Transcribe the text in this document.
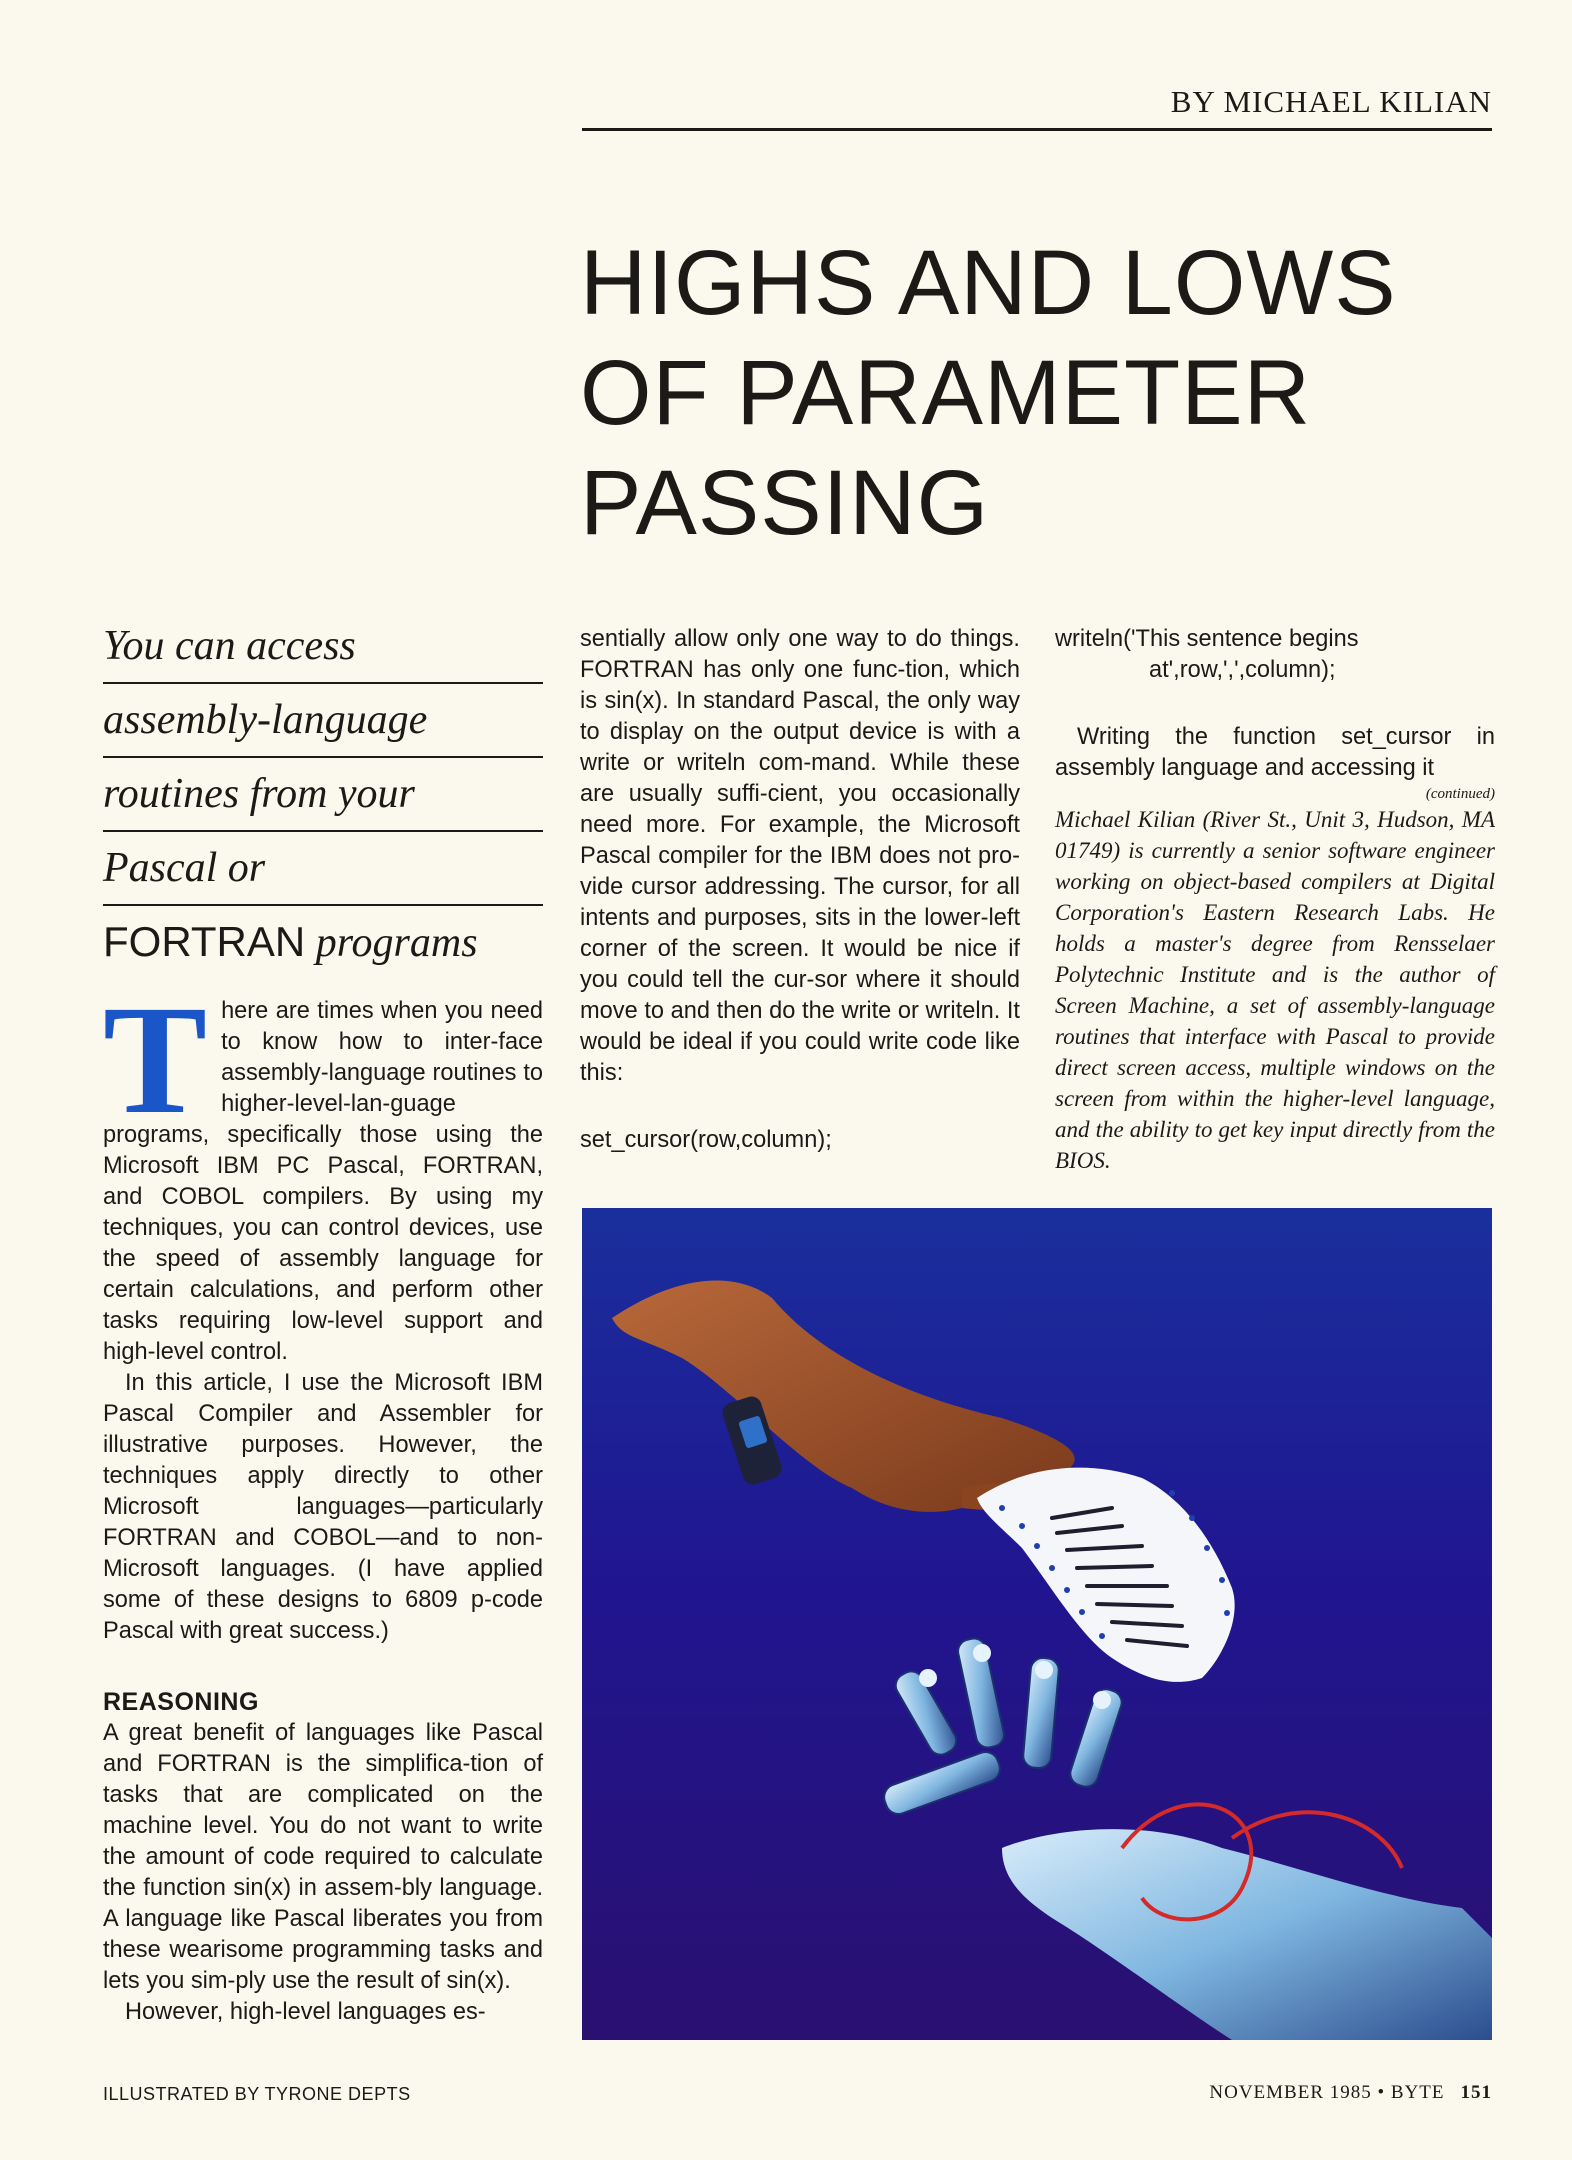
BY MICHAEL KILIAN
HIGHS AND LOWS
OF PARAMETER
PASSING
You can access
assembly-language
routines from your
Pascal or
FORTRAN programs

There are times when you need to know how to inter-face assembly-language routines to higher-level-lan-guage programs, specifically those using the Microsoft IBM PC Pascal, FORTRAN, and COBOL compilers. By using my techniques, you can control devices, use the speed of assembly language for certain calculations, and perform other tasks requiring low-level support and high-level control.

In this article, I use the Microsoft IBM Pascal Compiler and Assembler for illustrative purposes. However, the techniques apply directly to other Microsoft languages—particularly FORTRAN and COBOL—and to non-Microsoft languages. (I have applied some of these designs to 6809 p-code Pascal with great success.)

REASONING

A great benefit of languages like Pascal and FORTRAN is the simplifica-tion of tasks that are complicated on the machine level. You do not want to write the amount of code required to calculate the function sin(x) in assem-bly language. A language like Pascal liberates you from these wearisome programming tasks and lets you sim-ply use the result of sin(x).

However, high-level languages es-

sentially allow only one way to do things. FORTRAN has only one func-tion, which is sin(x). In standard Pascal, the only way to display on the output device is with a write or writeln com-mand. While these are usually suffi-cient, you occasionally need more. For example, the Microsoft Pascal compiler for the IBM does not pro-vide cursor addressing. The cursor, for all intents and purposes, sits in the lower-left corner of the screen. It would be nice if you could tell the cur-sor where it should move to and then do the write or writeln. It would be ideal if you could write code like this:

set_cursor(row,column);

writeln('This sentence begins
at',row,',',column);

Writing the function set_cursor in assembly language and accessing it

(continued)

Michael Kilian (River St., Unit 3, Hudson, MA 01749) is currently a senior software engineer working on object-based compilers at Digital Corporation's Eastern Research Labs. He holds a master's degree from Rensselaer Polytechnic Institute and is the author of Screen Machine, a set of assembly-language routines that interface with Pascal to provide direct screen access, multiple windows on the screen from within the higher-level language, and the ability to get key input directly from the BIOS.

ILLUSTRATED BY TYRONE DEPTS	NOVEMBER 1985 • BYTE 151
